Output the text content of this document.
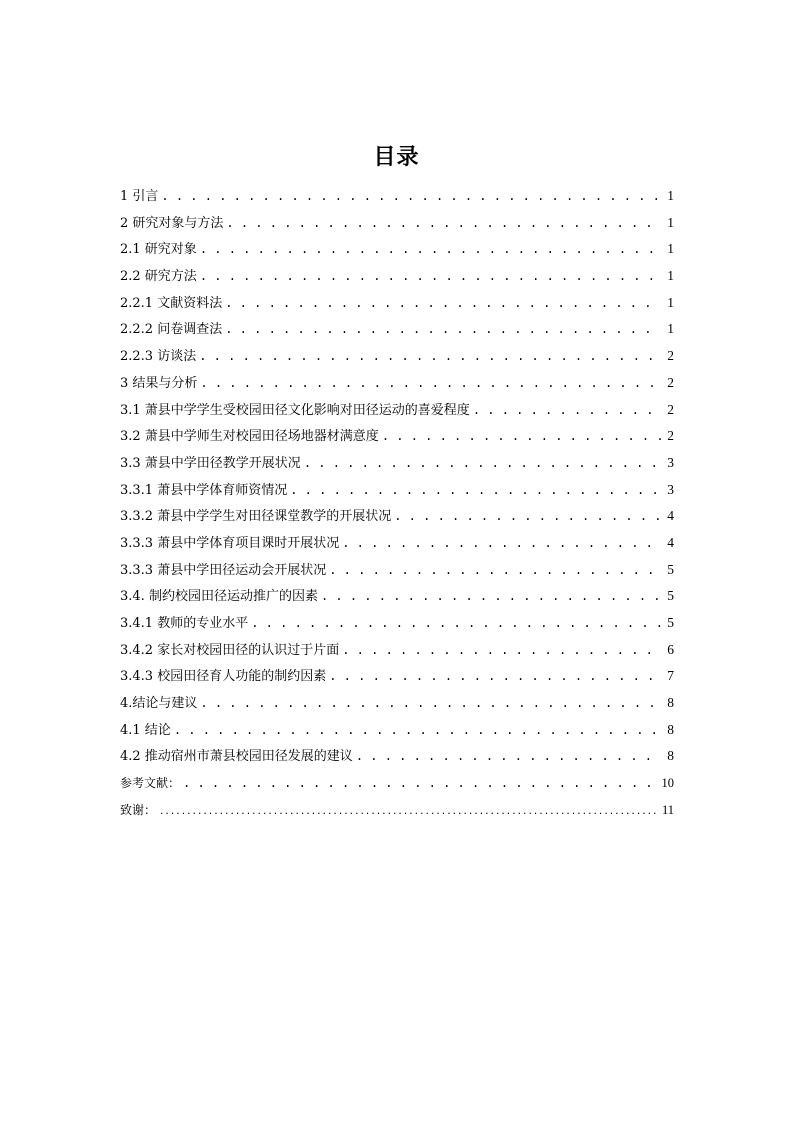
目录
1 引言 . . .	1
2 研究对象与方法 . . .	1
2.1 研究对象 . . .	1
2.2 研究方法 . . .	1
2.2.1 文献资料法 . . .	1
2.2.2 问卷调查法 . . .	1
2.2.3 访谈法 . . .	2
3 结果与分析 . . .	2
3.1 萧县中学学生受校园田径文化影响对田径运动的喜爱程度 . . .	2
3.2 萧县中学师生对校园田径场地器材满意度 . . .	2
3.3 萧县中学田径教学开展状况 . . .	3
3.3.1 萧县中学体育师资情况 . . .	3
3.3.2 萧县中学学生对田径课堂教学的开展状况 . . .	4
3.3.3 萧县中学体育项目课时开展状况 . . .	4
3.3.3 萧县中学田径运动会开展状况 . . .	5
3.4. 制约校园田径运动推广的因素 . . .	5
3.4.1 教师的专业水平 . . .	5
3.4.2 家长对校园田径的认识过于片面 . . .	6
3.4.3 校园田径育人功能的制约因素 . . .	7
4.结论与建议 . . .	8
4.1 结论 . . .	8
4.2 推动宿州市萧县校园田径发展的建议 . . .	8
参考文献： . . .	10
致谢： .....	11
